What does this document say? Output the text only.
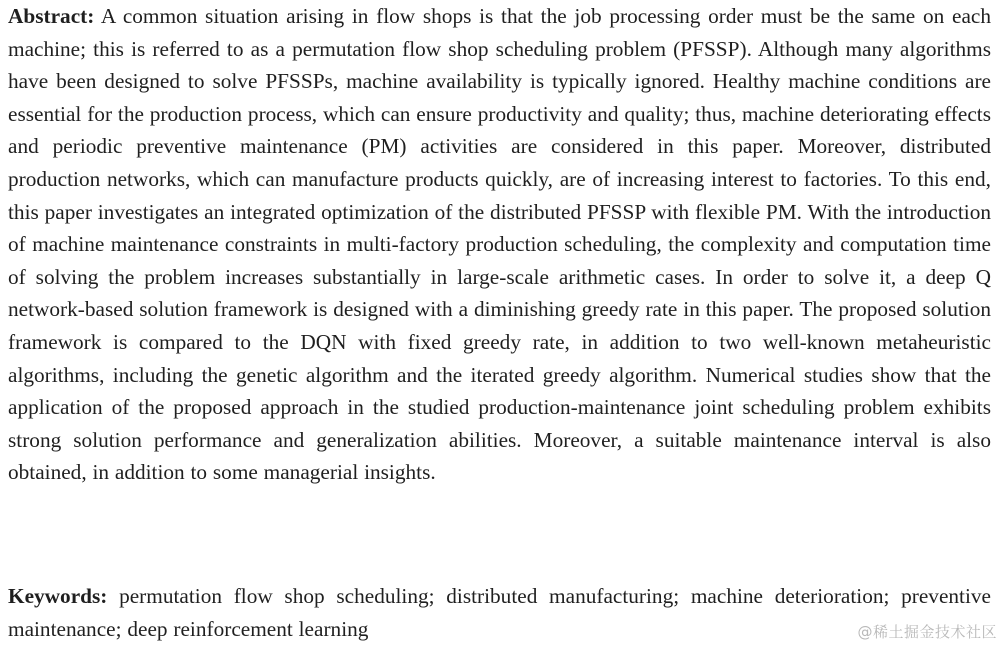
Abstract: A common situation arising in flow shops is that the job processing order must be the same on each machine; this is referred to as a permutation flow shop scheduling problem (PFSSP). Although many algorithms have been designed to solve PFSSPs, machine availability is typically ignored. Healthy machine conditions are essential for the production process, which can ensure productivity and quality; thus, machine deteriorating effects and periodic preventive maintenance (PM) activities are considered in this paper. Moreover, distributed production networks, which can manufacture products quickly, are of increasing interest to factories. To this end, this paper investigates an integrated optimization of the distributed PFSSP with flexible PM. With the introduction of machine maintenance constraints in multi-factory production scheduling, the complexity and computation time of solving the problem increases substantially in large-scale arithmetic cases. In order to solve it, a deep Q network-based solution framework is designed with a diminishing greedy rate in this paper. The proposed solution framework is compared to the DQN with fixed greedy rate, in addition to two well-known metaheuristic algorithms, including the genetic algorithm and the iterated greedy algorithm. Numerical studies show that the application of the proposed approach in the studied production-maintenance joint scheduling problem exhibits strong solution performance and generalization abilities. Moreover, a suitable maintenance interval is also obtained, in addition to some managerial insights.

Keywords: permutation flow shop scheduling; distributed manufacturing; machine deterioration; preventive maintenance; deep reinforcement learning	@稀土掘金技术社区
